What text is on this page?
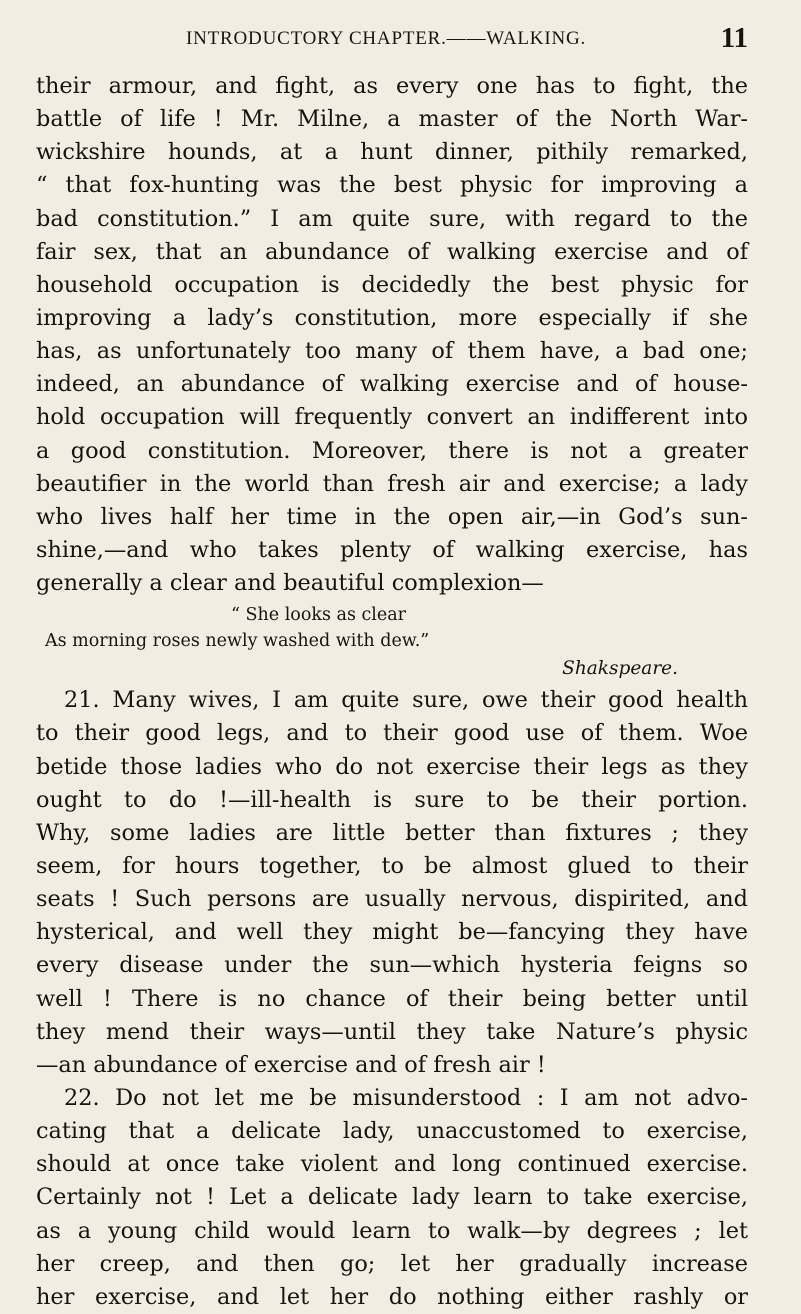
INTRODUCTORY CHAPTER.——WALKING.	11
their armour, and fight, as every one has to fight, the
battle of life ! Mr. Milne, a master of the North War-
wickshire hounds, at a hunt dinner, pithily remarked,
“ that fox-hunting was the best physic for improving a
bad constitution.” I am quite sure, with regard to the
fair sex, that an abundance of walking exercise and of
household occupation is decidedly the best physic for
improving a lady’s constitution, more especially if she
has, as unfortunately too many of them have, a bad one;
indeed, an abundance of walking exercise and of house-
hold occupation will frequently convert an indifferent into
a good constitution. Moreover, there is not a greater
beautifier in the world than fresh air and exercise; a lady
who lives half her time in the open air,—in God’s sun-
shine,—and who takes plenty of walking exercise, has
generally a clear and beautiful complexion—
“ She looks as clear
As morning roses newly washed with dew.”
Shakspeare.
21. Many wives, I am quite sure, owe their good health
to their good legs, and to their good use of them. Woe
betide those ladies who do not exercise their legs as they
ought to do !—ill-health is sure to be their portion.
Why, some ladies are little better than fixtures ; they
seem, for hours together, to be almost glued to their
seats ! Such persons are usually nervous, dispirited, and
hysterical, and well they might be—fancying they have
every disease under the sun—which hysteria feigns so
well ! There is no chance of their being better until
they mend their ways—until they take Nature’s physic
—an abundance of exercise and of fresh air !
22. Do not let me be misunderstood : I am not advo-
cating that a delicate lady, unaccustomed to exercise,
should at once take violent and long continued exercise.
Certainly not ! Let a delicate lady learn to take exercise,
as a young child would learn to walk—by degrees ; let
her creep, and then go; let her gradually increase
her exercise, and let her do nothing either rashly or
